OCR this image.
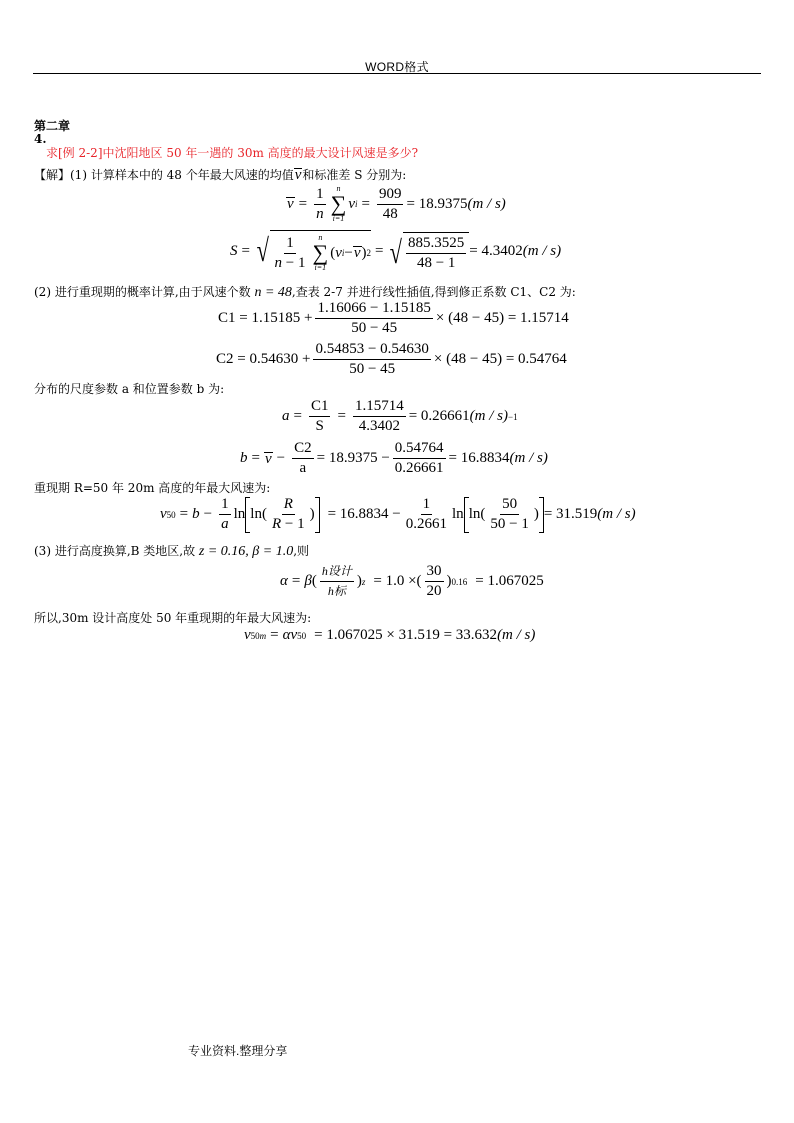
WORD格式
第二章
4.
求[例 2-2]中沈阳地区 50 年一遇的 30m 高度的最大设计风速是多少?
【解】(1) 计算样本中的 48 个年最大风速的均值ν和标准差 S 分别为:
$\nu = \frac{1}{n}$ n
∑
i=1
ν $i = \frac{909}{48} = 18.9375$ (m / s)
S = √ $\frac{1}{n - 1}$ n
∑
i=1
( ν i − ν ) 2 = √ $\frac{885.3525}{48 - 1} = 4.3402$ (m / s)
(2) 进行重现期的概率计算,由于风速个数 n = 48,查表 2-7 并进行线性插值,得到修正系数 C1、C2 为:
$C1 = 1.15185 + \frac{1.16066 - 1.15185}{50 - 45} \times (48 - 45) = 1.15714$
$C2 = 0.54630 + \frac{0.54853 - 0.54630}{50 - 45} \times (48 - 45) = 0.54764$
分布的尺度参数 a 和位置参数 b 为:
$a = \frac{C1}{S} = \frac{1.15714}{4.3402} = 0.26661$ (m / s) −1
$b = \nu - \frac{C2}{a} = 18.9375 - \frac{0.54764}{0.26661} = 16.8834$ (m / s)
重现期 R=50 年 20m 高度的年最大风速为:
ν $50 = b - \frac{1}{a}$ $\ln \ln( \frac{R}{R - 1}$ ) = $16.8834 - \frac{1}{0.2661}$ $\ln \ln( \frac{50}{50 - 1}$ ) = 31.519 (m / s)
(3) 进行高度换算,B 类地区,故 z = 0.16, β = 1.0,则
α = β ( $\frac{\text{h设计}}{\text{h标}}$ ) z = 1.0 × ( $\frac{30}{20}$ ) 0.16 = 1.067025
所以,30m 设计高度处 50 年重现期的年最大风速为:
ν 50m = αν 50 = 1.067025 × 31.519 = 33.632 (m / s)
专业资料.整理分享
